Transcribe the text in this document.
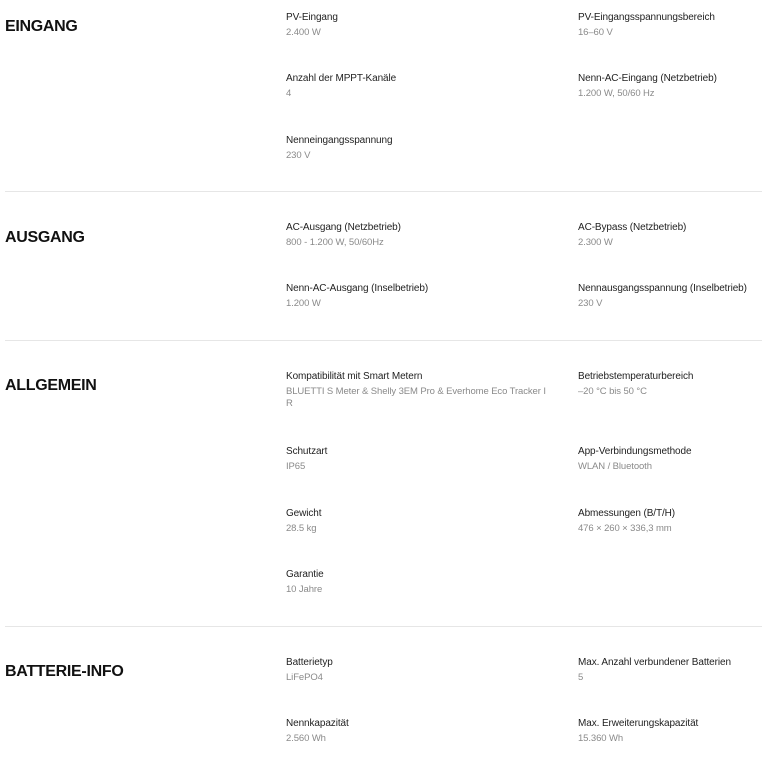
EINGANG
PV-Eingang
2.400 W
PV-Eingangsspannungsbereich
16–60 V
Anzahl der MPPT-Kanäle
4
Nenn-AC-Eingang (Netzbetrieb)
1.200 W, 50/60 Hz
Nenneingangsspannung
230 V
AUSGANG
AC-Ausgang (Netzbetrieb)
800 - 1.200 W, 50/60Hz
AC-Bypass (Netzbetrieb)
2.300 W
Nenn-AC-Ausgang (Inselbetrieb)
1.200 W
Nennausgangsspannung (Inselbetrieb)
230 V
ALLGEMEIN
Kompatibilität mit Smart Metern
BLUETTI S Meter & Shelly 3EM Pro & Everhome Eco Tracker I R
Betriebstemperaturbereich
–20 °C bis 50 °C
Schutzart
IP65
App-Verbindungsmethode
WLAN / Bluetooth
Gewicht
28.5 kg
Abmessungen (B/T/H)
476 × 260 × 336,3 mm
Garantie
10 Jahre
BATTERIE-INFO
Batterietyp
LiFePO4
Max. Anzahl verbundener Batterien
5
Nennkapazität
2.560 Wh
Max. Erweiterungskapazität
15.360 Wh
